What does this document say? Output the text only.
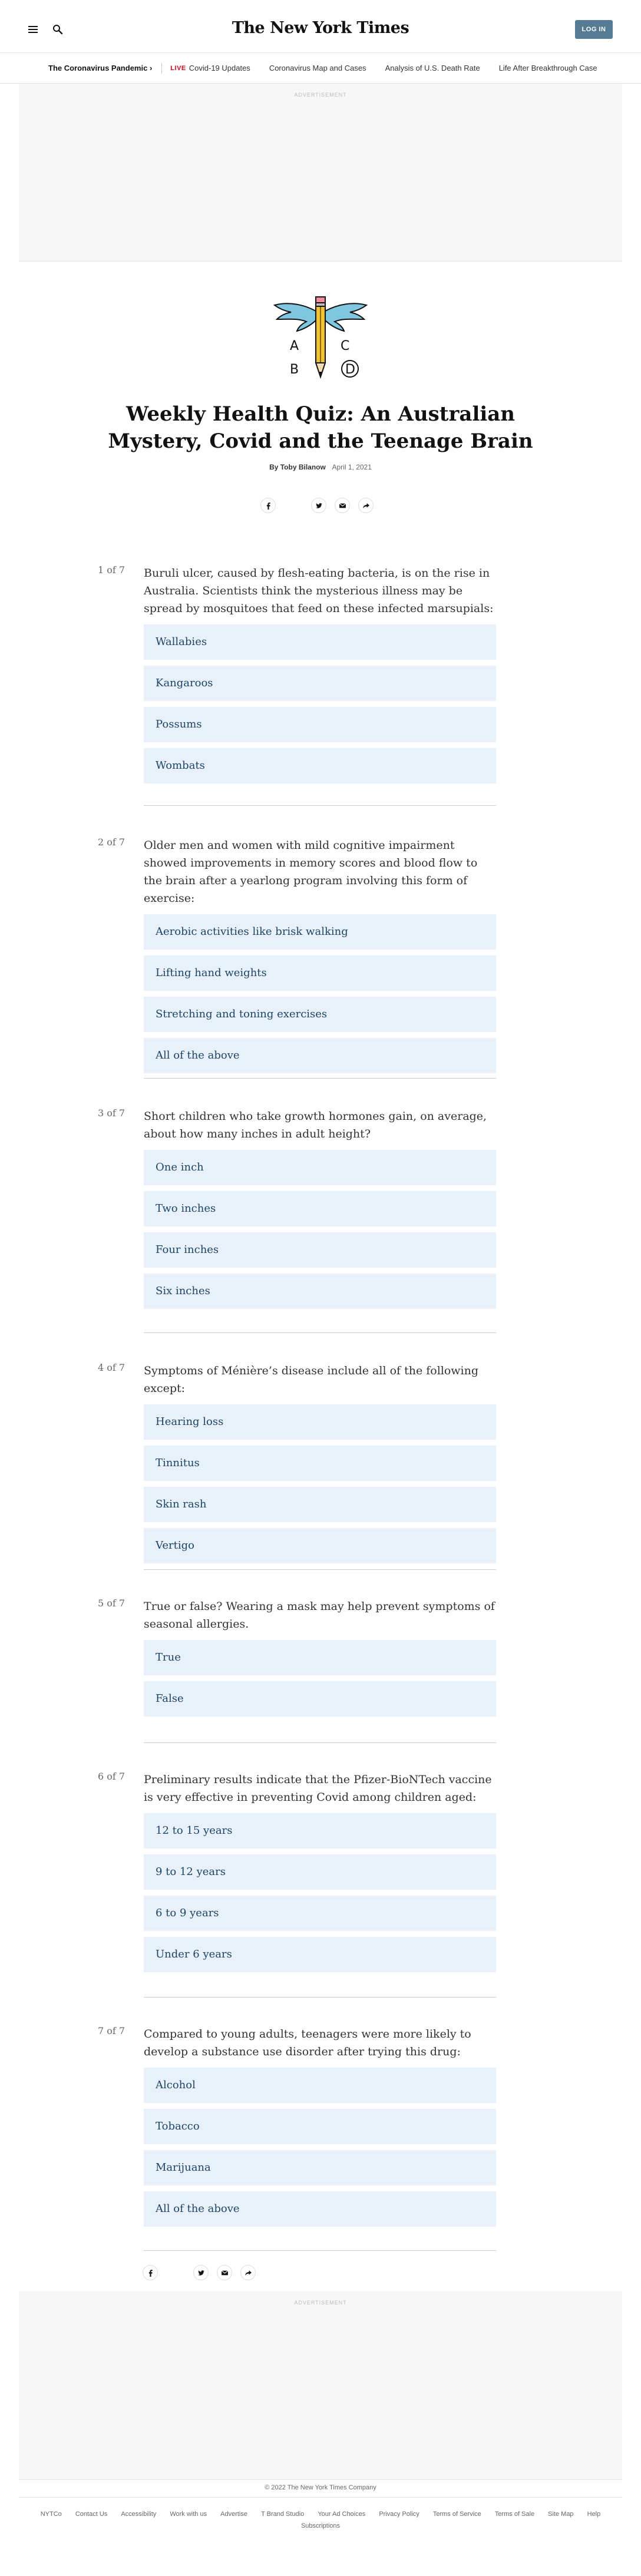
The New York Times	LOG IN
The Coronavirus Pandemic ›	LIVE Covid-19 Updates Coronavirus Map and Cases Analysis of U.S. Death Rate Life After Breakthrough Case
ADVERTISEMENT
A	C
B	D
Weekly Health Quiz: An Australian Mystery, Covid and the Teenage Brain
By Toby Bilanow April 1, 2021
1 of 7 Buruli ulcer, caused by flesh-eating bacteria, is on the rise in Australia. Scientists think the mysterious illness may be spread by mosquitoes that feed on these infected marsupials:
Wallabies
Kangaroos
Possums
Wombats
2 of 7 Older men and women with mild cognitive impairment showed improvements in memory scores and blood flow to the brain after a yearlong program involving this form of exercise:
Aerobic activities like brisk walking
Lifting hand weights
Stretching and toning exercises
All of the above
3 of 7 Short children who take growth hormones gain, on average, about how many inches in adult height?
One inch
Two inches
Four inches
Six inches
4 of 7 Symptoms of Ménière’s disease include all of the following except:
Hearing loss
Tinnitus
Skin rash
Vertigo
5 of 7 True or false? Wearing a mask may help prevent symptoms of seasonal allergies.
True
False
6 of 7 Preliminary results indicate that the Pfizer-BioNTech vaccine is very effective in preventing Covid among children aged:
12 to 15 years
9 to 12 years
6 to 9 years
Under 6 years
7 of 7 Compared to young adults, teenagers were more likely to develop a substance use disorder after trying this drug:
Alcohol
Tobacco
Marijuana
All of the above
ADVERTISEMENT
© 2022 The New York Times Company
NYTCo Contact Us Accessibility Work with us Advertise T Brand Studio Your Ad Choices Privacy Policy Terms of Service Terms of Sale Site Map Help
Subscriptions
